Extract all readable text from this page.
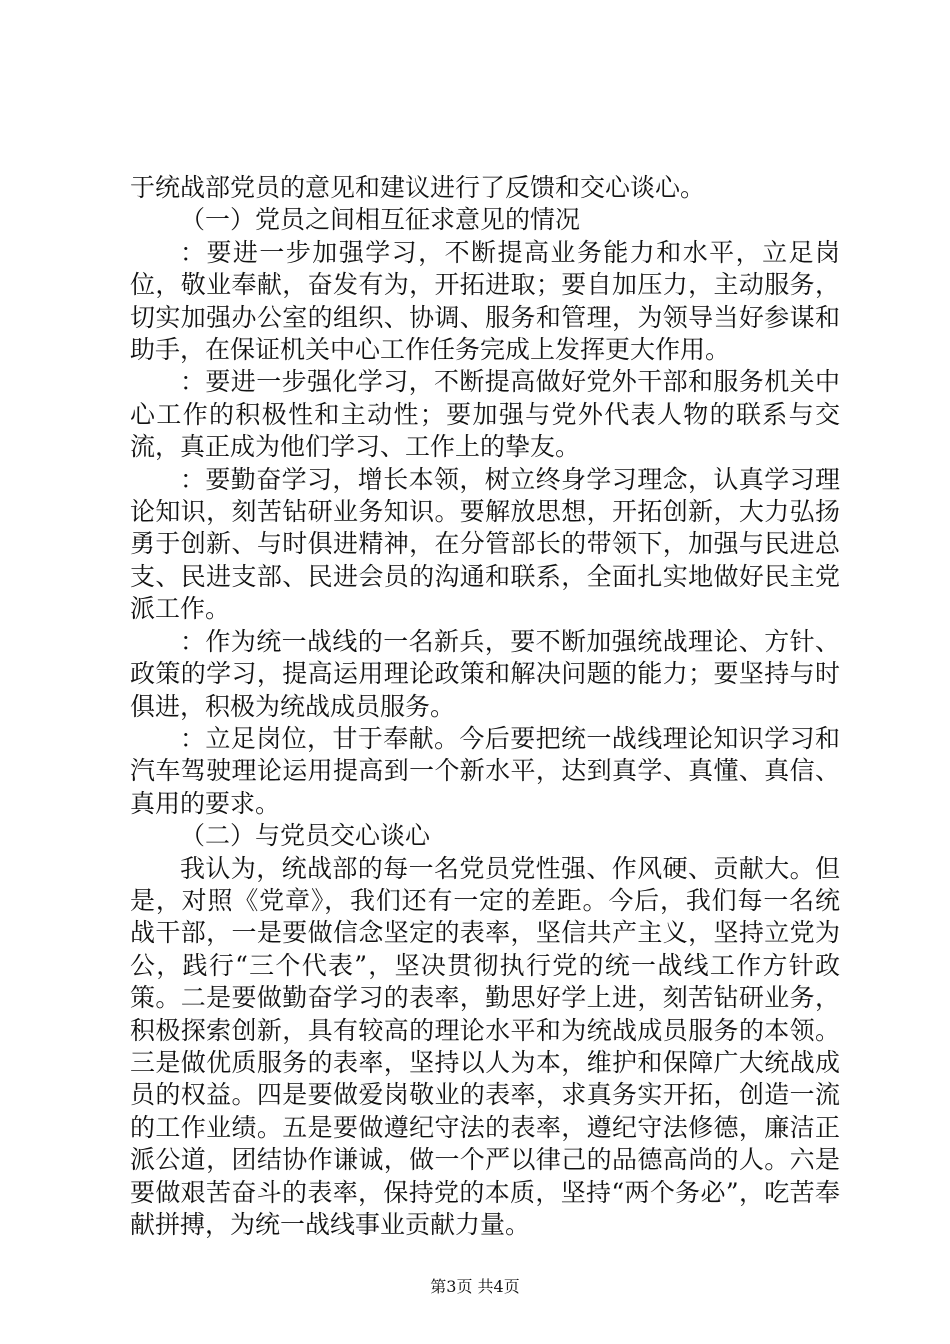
于统战部党员的意见和建议进行了反馈和交心谈心。

（一）党员之间相互征求意见的情况

：要进一步加强学习，不断提高业务能力和水平，立足岗位，敬业奉献，奋发有为，开拓进取；要自加压力，主动服务，切实加强办公室的组织、协调、服务和管理，为领导当好参谋和助手，在保证机关中心工作任务完成上发挥更大作用。

：要进一步强化学习，不断提高做好党外干部和服务机关中心工作的积极性和主动性；要加强与党外代表人物的联系与交流，真正成为他们学习、工作上的挚友。

：要勤奋学习，增长本领，树立终身学习理念，认真学习理论知识，刻苦钻研业务知识。要解放思想，开拓创新，大力弘扬勇于创新、与时俱进精神，在分管部长的带领下，加强与民进总支、民进支部、民进会员的沟通和联系，全面扎实地做好民主党派工作。

：作为统一战线的一名新兵，要不断加强统战理论、方针、政策的学习，提高运用理论政策和解决问题的能力；要坚持与时俱进，积极为统战成员服务。

：立足岗位，甘于奉献。今后要把统一战线理论知识学习和汽车驾驶理论运用提高到一个新水平，达到真学、真懂、真信、真用的要求。

（二）与党员交心谈心

我认为，统战部的每一名党员党性强、作风硬、贡献大。但是，对照《党章》，我们还有一定的差距。今后，我们每一名统战干部，一是要做信念坚定的表率，坚信共产主义，坚持立党为公，践行“三个代表”，坚决贯彻执行党的统一战线工作方针政策。二是要做勤奋学习的表率，勤思好学上进，刻苦钻研业务，积极探索创新，具有较高的理论水平和为统战成员服务的本领。三是做优质服务的表率，坚持以人为本，维护和保障广大统战成员的权益。四是要做爱岗敬业的表率，求真务实开拓，创造一流的工作业绩。五是要做遵纪守法的表率，遵纪守法修德，廉洁正派公道，团结协作谦诚，做一个严以律己的品德高尚的人。六是要做艰苦奋斗的表率，保持党的本质，坚持“两个务必”，吃苦奉献拼搏，为统一战线事业贡献力量。

第3页 共4页
